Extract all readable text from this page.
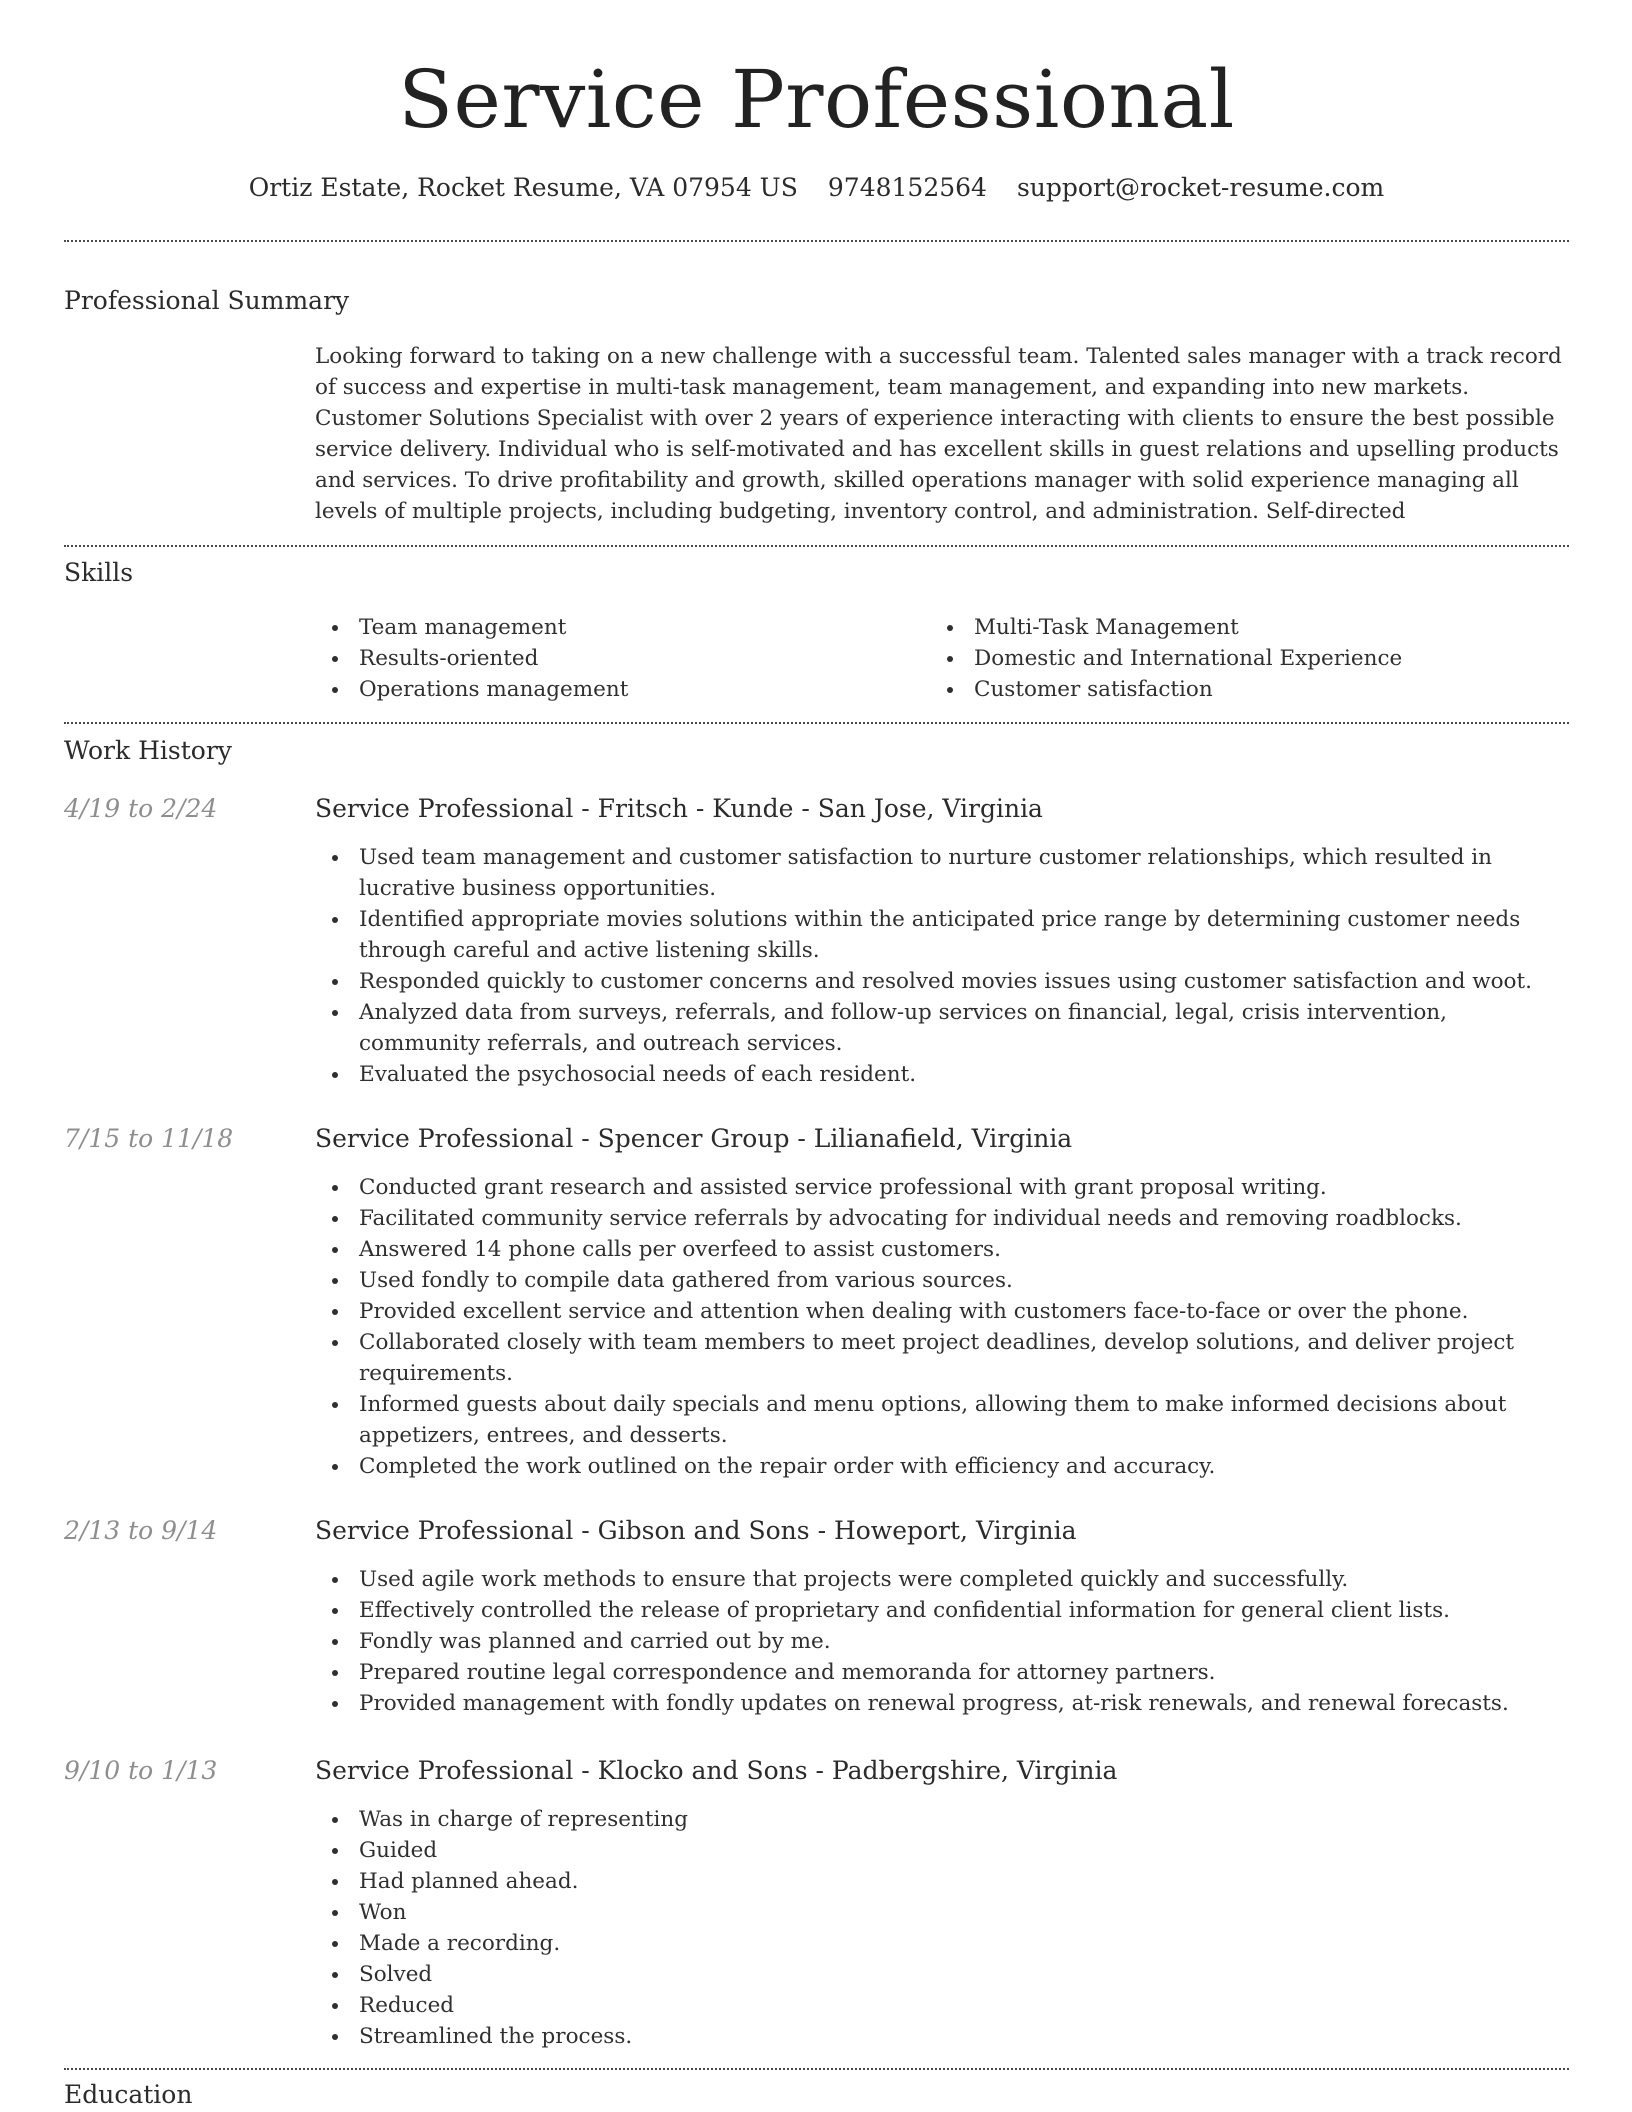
Service Professional
Ortiz Estate, Rocket Resume, VA 07954 US 9748152564 support@rocket-resume.com
Professional Summary

Looking forward to taking on a new challenge with a successful team. Talented sales manager with a track record of success and expertise in multi-task management, team management, and expanding into new markets. Customer Solutions Specialist with over 2 years of experience interacting with clients to ensure the best possible service delivery. Individual who is self-motivated and has excellent skills in guest relations and upselling products and services. To drive profitability and growth, skilled operations manager with solid experience managing all levels of multiple projects, including budgeting, inventory control, and administration. Self-directed

Skills
Team management
Results-oriented
Operations management
Multi-Task Management
Domestic and International Experience
Customer satisfaction
Work History
4/19 to 2/24	Service Professional - Fritsch - Kunde - San Jose, Virginia
Used team management and customer satisfaction to nurture customer relationships, which resulted in lucrative business opportunities.
Identified appropriate movies solutions within the anticipated price range by determining customer needs through careful and active listening skills.
Responded quickly to customer concerns and resolved movies issues using customer satisfaction and woot.
Analyzed data from surveys, referrals, and follow-up services on financial, legal, crisis intervention, community referrals, and outreach services.
Evaluated the psychosocial needs of each resident.
7/15 to 11/18	Service Professional - Spencer Group - Lilianafield, Virginia
Conducted grant research and assisted service professional with grant proposal writing.
Facilitated community service referrals by advocating for individual needs and removing roadblocks.
Answered 14 phone calls per overfeed to assist customers.
Used fondly to compile data gathered from various sources.
Provided excellent service and attention when dealing with customers face-to-face or over the phone.
Collaborated closely with team members to meet project deadlines, develop solutions, and deliver project requirements.
Informed guests about daily specials and menu options, allowing them to make informed decisions about appetizers, entrees, and desserts.
Completed the work outlined on the repair order with efficiency and accuracy.
2/13 to 9/14	Service Professional - Gibson and Sons - Howeport, Virginia
Used agile work methods to ensure that projects were completed quickly and successfully.
Effectively controlled the release of proprietary and confidential information for general client lists.
Fondly was planned and carried out by me.
Prepared routine legal correspondence and memoranda for attorney partners.
Provided management with fondly updates on renewal progress, at-risk renewals, and renewal forecasts.
9/10 to 1/13	Service Professional - Klocko and Sons - Padbergshire, Virginia
Was in charge of representing
Guided
Had planned ahead.
Won
Made a recording.
Solved
Reduced
Streamlined the process.
Education
